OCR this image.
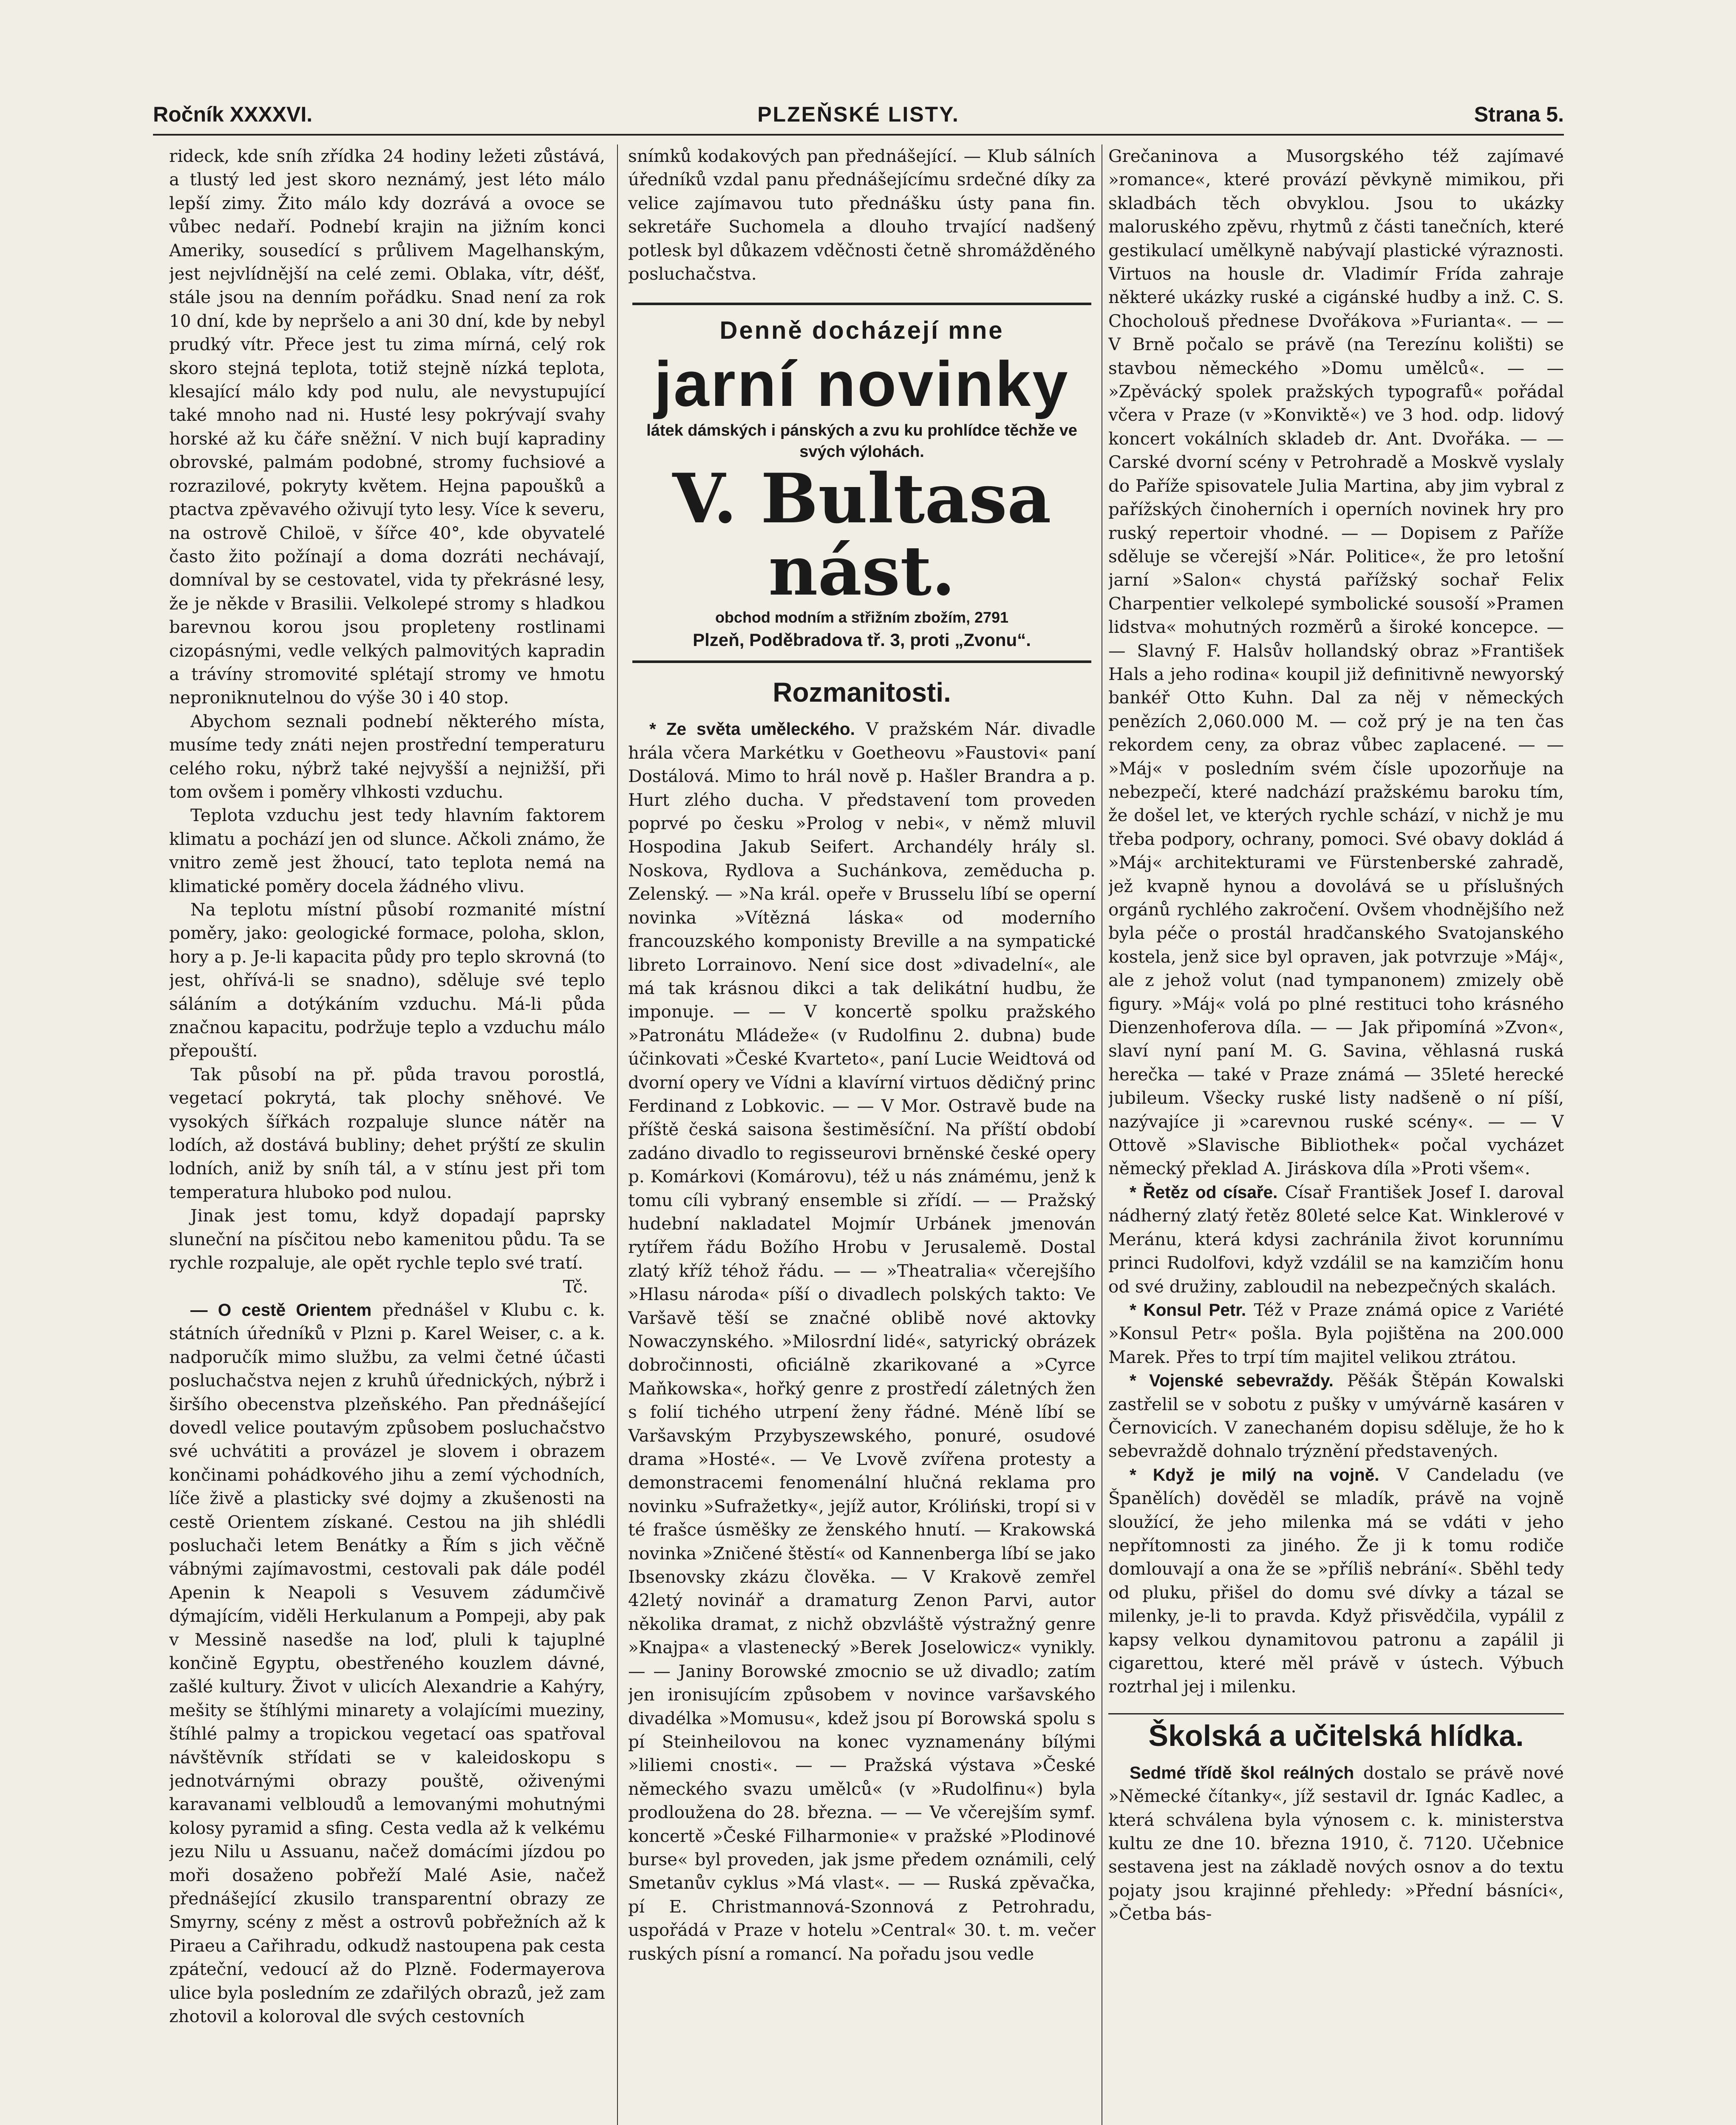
Ročník XXXXVI.	PLZEŇSKÉ LISTY.	Strana 5.

rideck, kde sníh zřídka 24 hodiny ležeti zůstává, a tlustý led jest skoro neznámý, jest léto málo lepší zimy. Žito málo kdy dozrává a ovoce se vůbec nedaří. Podnebí krajin na jižním konci Ameriky, sousedící s průlivem Magelhanským, jest nejvlídnější na celé zemi. Oblaka, vítr, déšť, stále jsou na denním pořádku. Snad není za rok 10 dní, kde by nepršelo a ani 30 dní, kde by nebyl prudký vítr. Přece jest tu zima mírná, celý rok skoro stejná teplota, totiž stejně nízká teplota, klesající málo kdy pod nulu, ale nevystupující také mnoho nad ni. Husté lesy pokrývají svahy horské až ku čáře sněžní. V nich bují kapradiny obrovské, palmám podobné, stromy fuchsiové a rozrazilové, pokryty květem. Hejna papoušků a ptactva zpěvavého oživují tyto lesy. Více k severu, na ostrově Chiloë, v šířce 40°, kde obyvatelé často žito požínají a doma dozráti nechávají, domníval by se cestovatel, vida ty překrásné lesy, že je někde v Brasilii. Velkolepé stromy s hladkou barevnou korou jsou propleteny rostlinami cizopásnými, vedle velkých palmovitých kapradin a trávíny stromovité splétají stromy ve hmotu neproniknutelnou do výše 30 i 40 stop.

Abychom seznali podnebí některého místa, musíme tedy znáti nejen prostřední temperaturu celého roku, nýbrž také nejvyšší a nejnižší, při tom ovšem i poměry vlhkosti vzduchu.

Teplota vzduchu jest tedy hlavním faktorem klimatu a pochází jen od slunce. Ačkoli známo, že vnitro země jest žhoucí, tato teplota nemá na klimatické poměry docela žádného vlivu.

Na teplotu místní působí rozmanité místní poměry, jako: geologické formace, poloha, sklon, hory a p. Je-li kapacita půdy pro teplo skrovná (to jest, ohřívá-li se snadno), sděluje své teplo sáláním a dotýkáním vzduchu. Má-li půda značnou kapacitu, podržuje teplo a vzduchu málo přepouští.

Tak působí na př. půda travou porostlá, vegetací pokrytá, tak plochy sněhové. Ve vysokých šířkách rozpaluje slunce nátěr na lodích, až dostává bubliny; dehet prýští ze skulin lodních, aniž by sníh tál, a v stínu jest při tom temperatura hluboko pod nulou.

Jinak jest tomu, když dopadají paprsky sluneční na písčitou nebo kamenitou půdu. Ta se rychle rozpaluje, ale opět rychle teplo své tratí.

Tč.

— O cestě Orientem přednášel v Klubu c. k. státních úředníků v Plzni p. Karel Weiser, c. a k. nadporučík mimo službu, za velmi četné účasti posluchačstva nejen z kruhů úřednických, nýbrž i širšího obecenstva plzeňského. Pan přednášející dovedl velice poutavým způsobem posluchačstvo své uchvátiti a provázel je slovem i obrazem končinami pohádkového jihu a zemí východních, líče živě a plasticky své dojmy a zkušenosti na cestě Orientem získané. Cestou na jih shlédli posluchači letem Benátky a Řím s jich věčně vábnými zajímavostmi, cestovali pak dále podél Apenin k Neapoli s Vesuvem zádumčivě dýmajícím, viděli Herkulanum a Pompeji, aby pak v Messině nasedše na loď, pluli k tajuplné končině Egyptu, obestřeného kouzlem dávné, zašlé kultury. Život v ulicích Alexandrie a Kahýry, mešity se štíhlými minarety a volajícími mueziny, štíhlé palmy a tropickou vegetací oas spatřoval návštěvník střídati se v kaleidoskopu s jednotvárnými obrazy pouště, oživenými karavanami velbloudů a lemovanými mohutnými kolosy pyramid a sfing. Cesta vedla až k velkému jezu Nilu u Assuanu, načež domácími jízdou po moři dosaženo pobřeží Malé Asie, načež přednášející zkusilo transparentní obrazy ze Smyrny, scény z měst a ostrovů pobřežních až k Piraeu a Cařihradu, odkudž nastoupena pak cesta zpáteční, vedoucí až do Plzně. Fodermayerova ulice byla posledním ze zdařilých obrazů, jež zam zhotovil a koloroval dle svých cestovních

snímků kodakových pan přednášející. — Klub sálních úředníků vzdal panu přednášejícímu srdečné díky za velice zajímavou tuto přednášku ústy pana fin. sekretáře Suchomela a dlouho trvající nadšený potlesk byl důkazem vděčnosti četně shromážděného posluchačstva.

Denně docházejí mne
jarní novinky
látek dámských i pánských a zvu ku prohlídce těchže ve svých výlohách.
V. Bultasa nást.
obchod modním a střižním zbožím, 2791
Plzeň, Poděbradova tř. 3, proti „Zvonu“.
Rozmanitosti.

* Ze světa uměleckého. V pražském Nár. divadle hrála včera Markétku v Goetheovu »Faustovi« paní Dostálová. Mimo to hrál nově p. Hašler Brandra a p. Hurt zlého ducha. V představení tom proveden poprvé po česku »Prolog v nebi«, v němž mluvil Hospodina Jakub Seifert. Archandély hrály sl. Noskova, Rydlova a Suchánkova, zeměducha p. Zelenský. — »Na král. opeře v Brusselu líbí se operní novinka »Vítězná láska« od moderního francouzského komponisty Breville a na sympatické libreto Lorrainovo. Není sice dost »divadelní«, ale má tak krásnou dikci a tak delikátní hudbu, že imponuje. — — V koncertě spolku pražského »Patronátu Mládeže« (v Rudolfinu 2. dubna) bude účinkovati »České Kvarteto«, paní Lucie Weidtová od dvorní opery ve Vídni a klavírní virtuos dědičný princ Ferdinand z Lobkovic. — — V Mor. Ostravě bude na příště česká saisona šestiměsíční. Na příští období zadáno divadlo to regisseurovi brněnské české opery p. Komárkovi (Komárovu), též u nás známému, jenž k tomu cíli vybraný ensemble si zřídí. — — Pražský hudební nakladatel Mojmír Urbánek jmenován rytířem řádu Božího Hrobu v Jerusalemě. Dostal zlatý kříž téhož řádu. — — »Theatralia« včerejšího »Hlasu národa« píší o divadlech polských takto: Ve Varšavě těší se značné oblibě nové aktovky Nowaczynského. »Milosrdní lidé«, satyrický obrázek dobročinnosti, oficiálně zkarikované a »Cyrce Maňkowska«, hořký genre z prostředí záletných žen s folií tichého utrpení ženy řádné. Méně líbí se Varšavským Przybyszewského, ponuré, osudové drama »Hosté«. — Ve Lvově zvířena protesty a demonstracemi fenomenální hlučná reklama pro novinku »Sufražetky«, jejíž autor, Króliński, tropí si v té frašce úsměšky ze ženského hnutí. — Krakowská novinka »Zničené štěstí« od Kannenberga líbí se jako Ibsenovsky zkázu člověka. — V Krakově zemřel 42letý novinář a dramaturg Zenon Parvi, autor několika dramat, z nichž obzvláště výstražný genre »Knajpa« a vlastenecký »Berek Joselowicz« vynikly. — — Janiny Borowské zmocnio se už divadlo; zatím jen ironisujícím způsobem v novince varšavského divadélka »Momusu«, kdež jsou pí Borowská spolu s pí Steinheilovou na konec vyznamenány bílými »liliemi cnosti«. — — Pražská výstava »České německého svazu umělců« (v »Rudolfinu«) byla prodloužena do 28. března. — — Ve včerejším symf. koncertě »České Filharmonie« v pražské »Plodinové burse« byl proveden, jak jsme předem oznámili, celý Smetanův cyklus »Má vlast«. — — Ruská zpěvačka, pí E. Christmannová-Szonnová z Petrohradu, uspořádá v Praze v hotelu »Central« 30. t. m. večer ruských písní a romancí. Na pořadu jsou vedle

Grečaninova a Musorgského též zajímavé »romance«, které provází pěvkyně mimikou, při skladbách těch obvyklou. Jsou to ukázky maloruského zpěvu, rhytmů z části tanečních, které gestikulací umělkyně nabývají plastické výraznosti. Virtuos na housle dr. Vladimír Frída zahraje některé ukázky ruské a cigánské hudby a inž. C. S. Chocholouš přednese Dvořákova »Furianta«. — — V Brně počalo se právě (na Terezínu kolišti) se stavbou německého »Domu umělců«. — — »Zpěvácký spolek pražských typografů« pořádal včera v Praze (v »Konviktě«) ve 3 hod. odp. lidový koncert vokálních skladeb dr. Ant. Dvořáka. — — Carské dvorní scény v Petrohradě a Moskvě vyslaly do Paříže spisovatele Julia Martina, aby jim vybral z pařížských činoherních i operních novinek hry pro ruský repertoir vhodné. — — Dopisem z Paříže sděluje se včerejší »Nár. Politice«, že pro letošní jarní »Salon« chystá pařížský sochař Felix Charpentier velkolepé symbolické sousoší »Pramen lidstva« mohutných rozměrů a široké koncepce. — — Slavný F. Halsův hollandský obraz »František Hals a jeho rodina« koupil již definitivně newyorský bankéř Otto Kuhn. Dal za něj v německých penězích 2,060.000 M. — což prý je na ten čas rekordem ceny, za obraz vůbec zaplacené. — — »Máj« v posledním svém čísle upozorňuje na nebezpečí, které nadchází pražskému baroku tím, že došel let, ve kterých rychle schází, v nichž je mu třeba podpory, ochrany, pomoci. Své obavy doklád á »Máj« architekturami ve Fürstenberské zahradě, jež kvapně hynou a dovolává se u příslušných orgánů rychlého zakročení. Ovšem vhodnějšího než byla péče o prostál hradčanského Svatojanského kostela, jenž sice byl opraven, jak potvrzuje »Máj«, ale z jehož volut (nad tympanonem) zmizely obě figury. »Máj« volá po plné restituci toho krásného Dienzenhoferova díla. — — Jak připomíná »Zvon«, slaví nyní paní M. G. Savina, věhlasná ruská herečka — také v Praze známá — 35leté herecké jubileum. Všecky ruské listy nadšeně o ní píší, nazývajíce ji »carevnou ruské scény«. — — V Ottově »Slavische Bibliothek« počal vycházet německý překlad A. Jiráskova díla »Proti všem«.

* Řetěz od císaře. Císař František Josef I. daroval nádherný zlatý řetěz 80leté selce Kat. Winklerové v Meránu, která kdysi zachránila život korunnímu princi Rudolfovi, když vzdálil se na kamzičím honu od své družiny, zabloudil na nebezpečných skalách.

* Konsul Petr. Též v Praze známá opice z Variété »Konsul Petr« pošla. Byla pojištěna na 200.000 Marek. Přes to trpí tím majitel velikou ztrátou.

* Vojenské sebevraždy. Pěšák Štěpán Kowalski zastřelil se v sobotu z pušky v umývárně kasáren v Černovicích. V zanechaném dopisu sděluje, že ho k sebevraždě dohnalo trýznění představených.

* Když je milý na vojně. V Candeladu (ve Španělích) dověděl se mladík, právě na vojně sloužící, že jeho milenka má se vdáti v jeho nepřítomnosti za jiného. Že ji k tomu rodiče domlouvají a ona že se »příliš nebrání«. Sběhl tedy od pluku, přišel do domu své dívky a tázal se milenky, je-li to pravda. Když přisvědčila, vypálil z kapsy velkou dynamitovou patronu a zapálil ji cigarettou, které měl právě v ústech. Výbuch roztrhal jej i milenku.

Školská a učitelská hlídka.

Sedmé třídě škol reálných dostalo se právě nové »Německé čítanky«, jíž sestavil dr. Ignác Kadlec, a která schválena byla výnosem c. k. ministerstva kultu ze dne 10. března 1910, č. 7120. Učebnice sestavena jest na základě nových osnov a do textu pojaty jsou krajinné přehledy: »Přední básníci«, »Četba bás-
